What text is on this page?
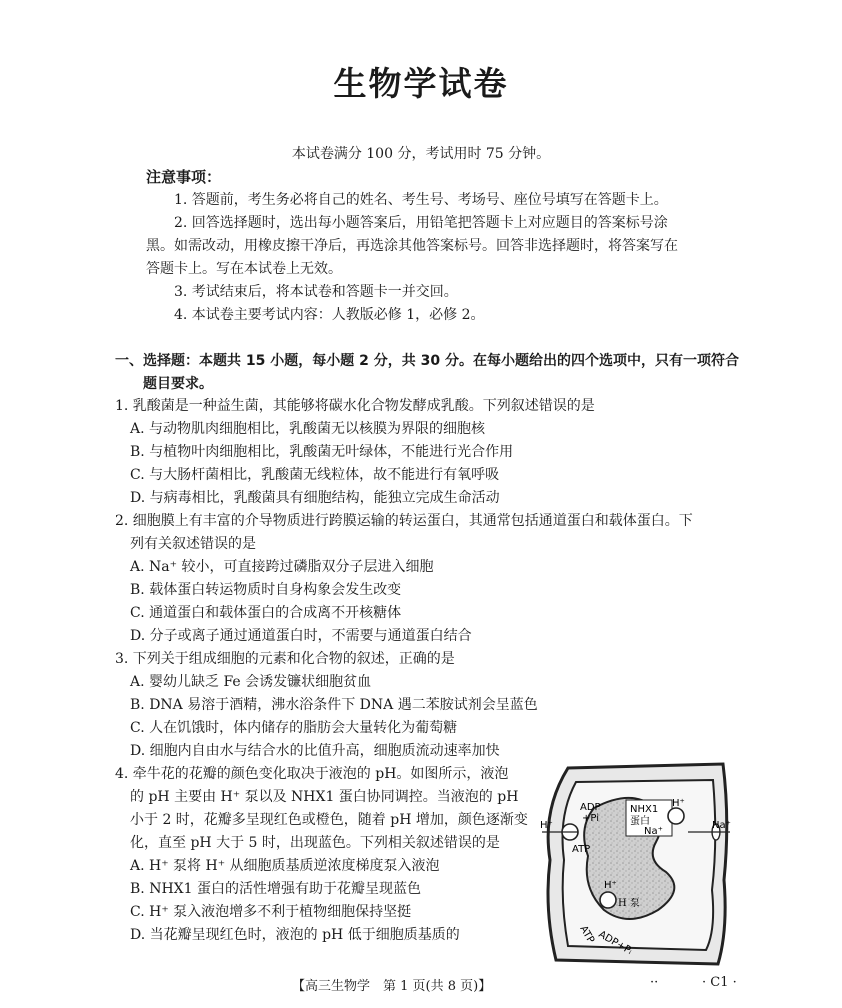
生物学试卷
本试卷满分 100 分，考试用时 75 分钟。
注意事项：
1. 答题前，考生务必将自己的姓名、考生号、考场号、座位号填写在答题卡上。
2. 回答选择题时，选出每小题答案后，用铅笔把答题卡上对应题目的答案标号涂
黑。如需改动，用橡皮擦干净后，再选涂其他答案标号。回答非选择题时，将答案写在
答题卡上。写在本试卷上无效。
3. 考试结束后，将本试卷和答题卡一并交回。
4. 本试卷主要考试内容：人教版必修 1，必修 2。
一、选择题：本题共 15 小题，每小题 2 分，共 30 分。在每小题给出的四个选项中，只有一项符合
题目要求。
1. 乳酸菌是一种益生菌，其能够将碳水化合物发酵成乳酸。下列叙述错误的是
A. 与动物肌肉细胞相比，乳酸菌无以核膜为界限的细胞核
B. 与植物叶肉细胞相比，乳酸菌无叶绿体，不能进行光合作用
C. 与大肠杆菌相比，乳酸菌无线粒体，故不能进行有氧呼吸
D. 与病毒相比，乳酸菌具有细胞结构，能独立完成生命活动
2. 细胞膜上有丰富的介导物质进行跨膜运输的转运蛋白，其通常包括通道蛋白和载体蛋白。下
列有关叙述错误的是
A. Na⁺ 较小，可直接跨过磷脂双分子层进入细胞
B. 载体蛋白转运物质时自身构象会发生改变
C. 通道蛋白和载体蛋白的合成离不开核糖体
D. 分子或离子通过通道蛋白时，不需要与通道蛋白结合
3. 下列关于组成细胞的元素和化合物的叙述，正确的是
A. 婴幼儿缺乏 Fe 会诱发镰状细胞贫血
B. DNA 易溶于酒精，沸水浴条件下 DNA 遇二苯胺试剂会呈蓝色
C. 人在饥饿时，体内储存的脂肪会大量转化为葡萄糖
D. 细胞内自由水与结合水的比值升高，细胞质流动速率加快
4. 牵牛花的花瓣的颜色变化取决于液泡的 pH。如图所示，液泡
的 pH 主要由 H⁺ 泵以及 NHX1 蛋白协同调控。当液泡的 pH
小于 2 时，花瓣多呈现红色或橙色，随着 pH 增加，颜色逐渐变
化，直至 pH 大于 5 时，出现蓝色。下列相关叙述错误的是
A. H⁺ 泵将 H⁺ 从细胞质基质逆浓度梯度泵入液泡
B. NHX1 蛋白的活性增强有助于花瓣呈现蓝色
C. H⁺ 泵入液泡增多不利于植物细胞保持坚挺
D. 当花瓣呈现红色时，液泡的 pH 低于细胞质基质的
ADP
+Pi
NHX1
蛋白
H⁺
H⁺
Na⁺
Na⁺
ATP
H⁺
H 泵
ATP ADP+Pᵢ
【高三生物学　第 1 页(共 8 页)】	··	· C1 ·
